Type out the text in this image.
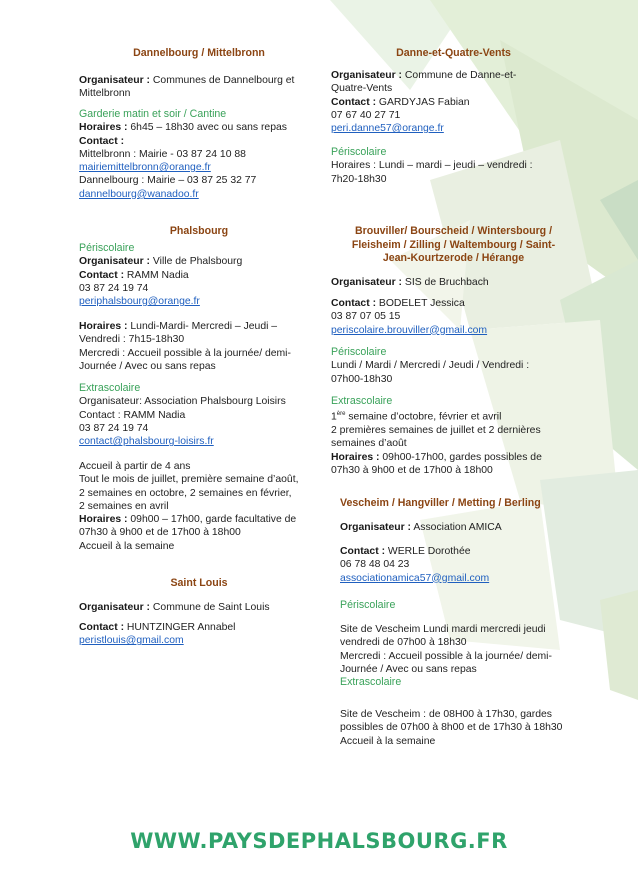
Dannelbourg / Mittelbronn
Organisateur : Communes de Dannelbourg et
Mittelbronn
Garderie matin et soir / Cantine
Horaires : 6h45 – 18h30 avec ou sans repas
Contact :
Mittelbronn : Mairie - 03 87 24 10 88
mairiemittelbronn@orange.fr
Dannelbourg : Mairie – 03 87 25 32 77
dannelbourg@wanadoo.fr
Phalsbourg
Périscolaire
Organisateur : Ville de Phalsbourg
Contact : RAMM Nadia
03 87 24 19 74
periphalsbourg@orange.fr
Horaires : Lundi-Mardi- Mercredi – Jeudi –
Vendredi : 7h15-18h30
Mercredi : Accueil possible à la journée/ demi-
Journée / Avec ou sans repas
Extrascolaire
Organisateur: Association Phalsbourg Loisirs
Contact : RAMM Nadia
03 87 24 19 74
contact@phalsbourg-loisirs.fr
Accueil à partir de 4 ans
Tout le mois de juillet, première semaine d’août,
2 semaines en octobre, 2 semaines en février,
2 semaines en avril
Horaires : 09h00 – 17h00, garde facultative de
07h30 à 9h00 et de 17h00 à 18h00
Accueil à la semaine
Saint Louis
Organisateur : Commune de Saint Louis
Contact : HUNTZINGER Annabel
peristlouis@gmail.com
Danne-et-Quatre-Vents
Organisateur : Commune de Danne-et-
Quatre-Vents
Contact : GARDYJAS Fabian
07 67 40 27 71
peri.danne57@orange.fr
Périscolaire
Horaires : Lundi – mardi – jeudi – vendredi :
7h20-18h30
Brouviller/ Bourscheid / Wintersbourg /
Fleisheim / Zilling / Waltembourg / Saint-
Jean-Kourtzerode / Hérange
Organisateur : SIS de Bruchbach
Contact : BODELET Jessica
03 87 07 05 15
periscolaire.brouviller@gmail.com
Périscolaire
Lundi / Mardi / Mercredi / Jeudi / Vendredi :
07h00-18h30
Extrascolaire
1ère semaine d’octobre, février et avril
2 premières semaines de juillet et 2 dernières
semaines d’août
Horaires : 09h00-17h00, gardes possibles de
07h30 à 9h00 et de 17h00 à 18h00
Vescheim / Hangviller / Metting / Berling
Organisateur : Association AMICA
Contact : WERLE Dorothée
06 78 48 04 23
associationamica57@gmail.com
Périscolaire
Site de Vescheim Lundi mardi mercredi jeudi
vendredi de 07h00 à 18h30
Mercredi : Accueil possible à la journée/ demi-
Journée / Avec ou sans repas
Extrascolaire
Site de Vescheim : de 08H00 à 17h30, gardes
possibles de 07h00 à 8h00 et de 17h30 à 18h30
Accueil à la semaine
WWW.PAYSDEPHALSBOURG.FR
